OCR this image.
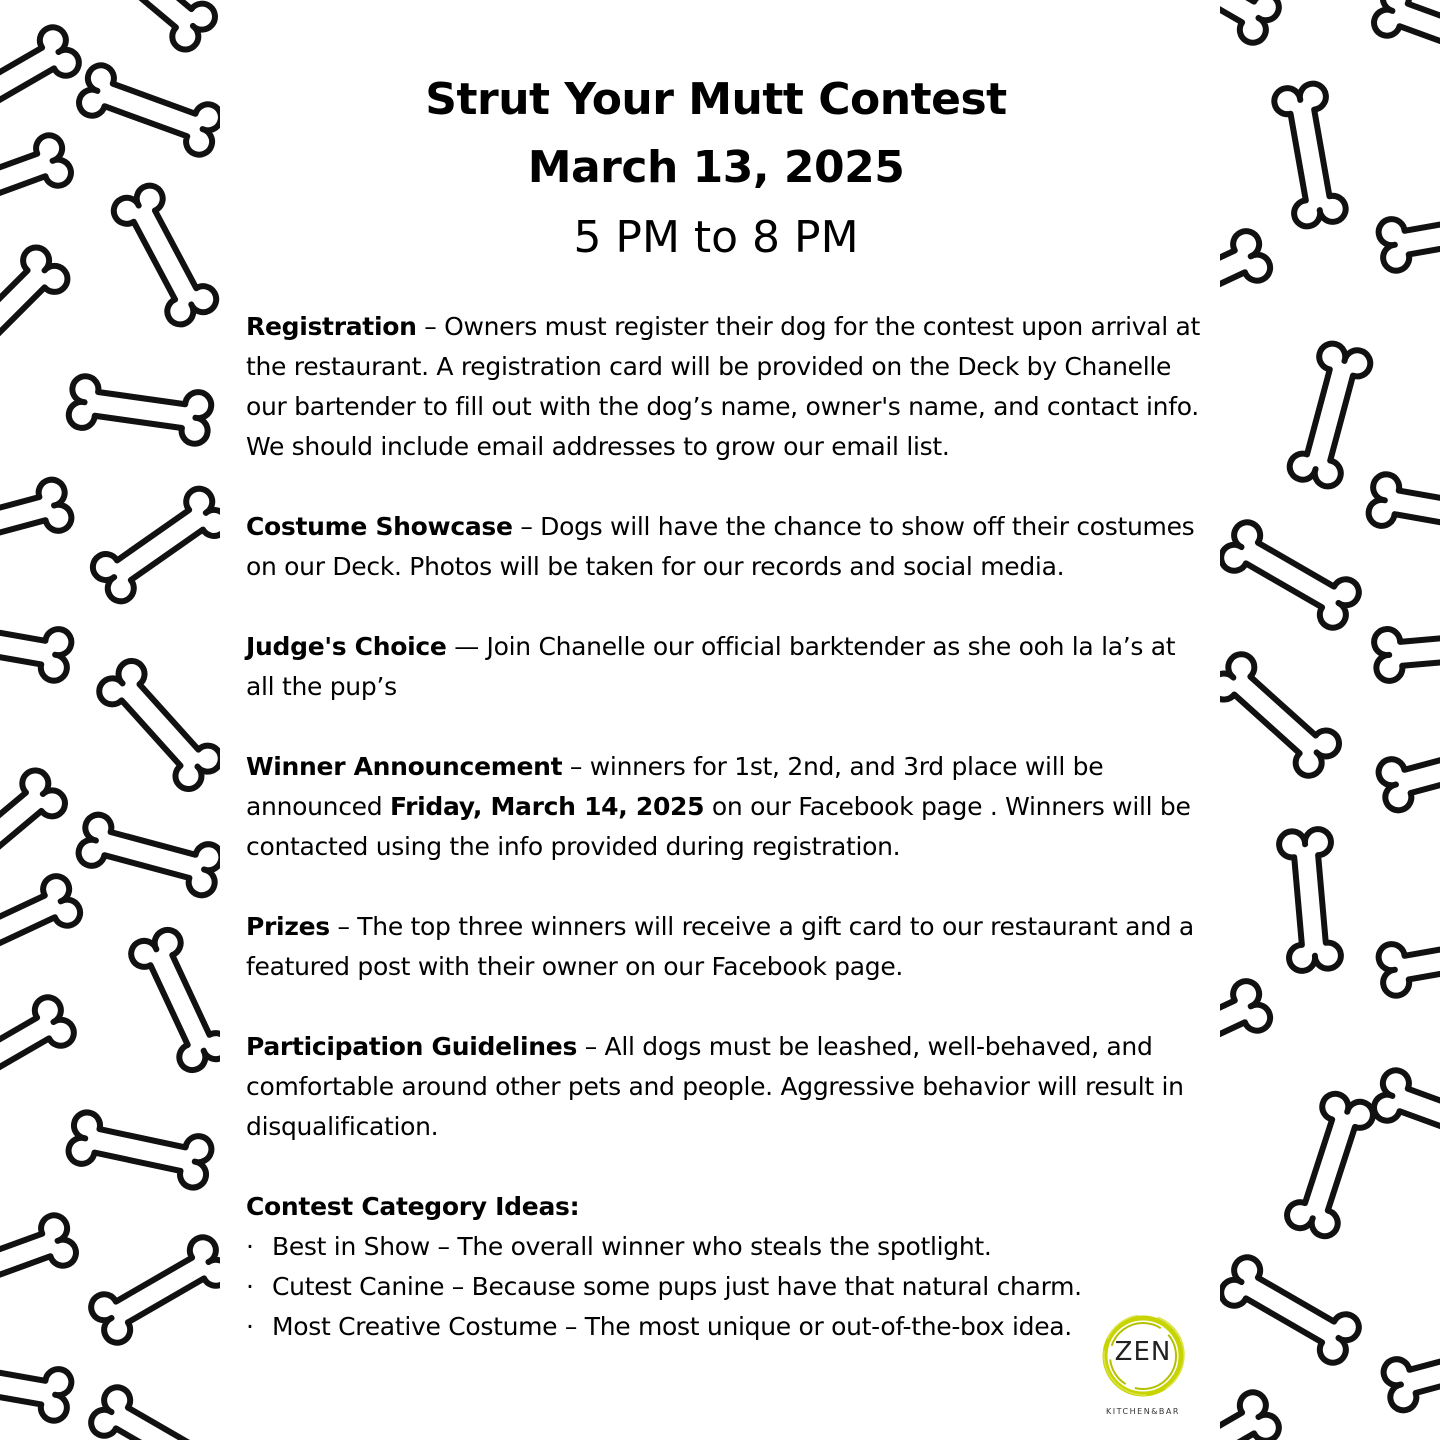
Strut Your Mutt Contest
March 13, 2025
5 PM to 8 PM

Registration – Owners must register their dog for the contest upon arrival at the restaurant. A registration card will be provided on the Deck by Chanelle our bartender to fill out with the dog’s name, owner's name, and contact info. We should include email addresses to grow our email list.

Costume Showcase – Dogs will have the chance to show off their costumes on our Deck. Photos will be taken for our records and social media.

Judge's Choice — Join Chanelle our official barktender as she ooh la la’s at all the pup’s

Winner Announcement – winners for 1st, 2nd, and 3rd place will be announced Friday, March 14, 2025 on our Facebook page . Winners will be contacted using the info provided during registration.

Prizes – The top three winners will receive a gift card to our restaurant and a featured post with their owner on our Facebook page.

Participation Guidelines – All dogs must be leashed, well-behaved, and comfortable around other pets and people. Aggressive behavior will result in disqualification.

Contest Category Ideas:

· Best in Show – The overall winner who steals the spotlight.
· Cutest Canine – Because some pups just have that natural charm.
· Most Creative Costume – The most unique or out-of-the-box idea.
ZEN
KITCHEN&BAR
